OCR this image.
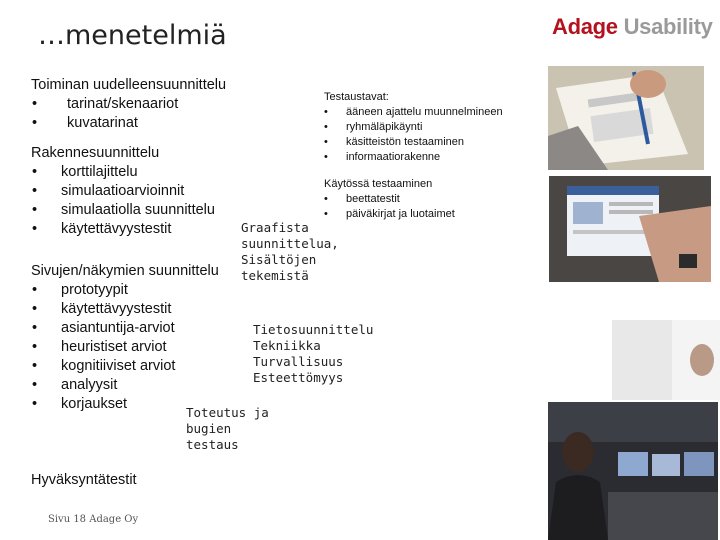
…menetelmiä	Adage Usability

Toiminan uudelleensuunnittelu

• tarinat/skenaariot
• kuvatarinat

Rakennesuunnittelu

• korttilajittelu
• simulaatioarvioinnit
• simulaatiolla suunnittelu
• käytettävyystestit

Sivujen/näkymien suunnittelu

• prototyypit
• käytettävyystestit
• asiantuntija-arviot
• heuristiset arviot
• kognitiiviset arviot
• analyysit
• korjaukset
Hyväksyntätestit
Graafista
suunnittelua,
Sisältöjen
tekemistä
Tietosuunnittelu
Tekniikka
Turvallisuus
Esteettömyys
Toteutus ja
bugien
testaus
Testaustavat:
• ääneen ajattelu muunnelmineen
• ryhmäläpikäynti
• käsitteistön testaaminen
• informaatiorakenne
Käytössä testaaminen
• beettatestit
• päiväkirjat ja luotaimet
Sivu 18 Adage Oy
